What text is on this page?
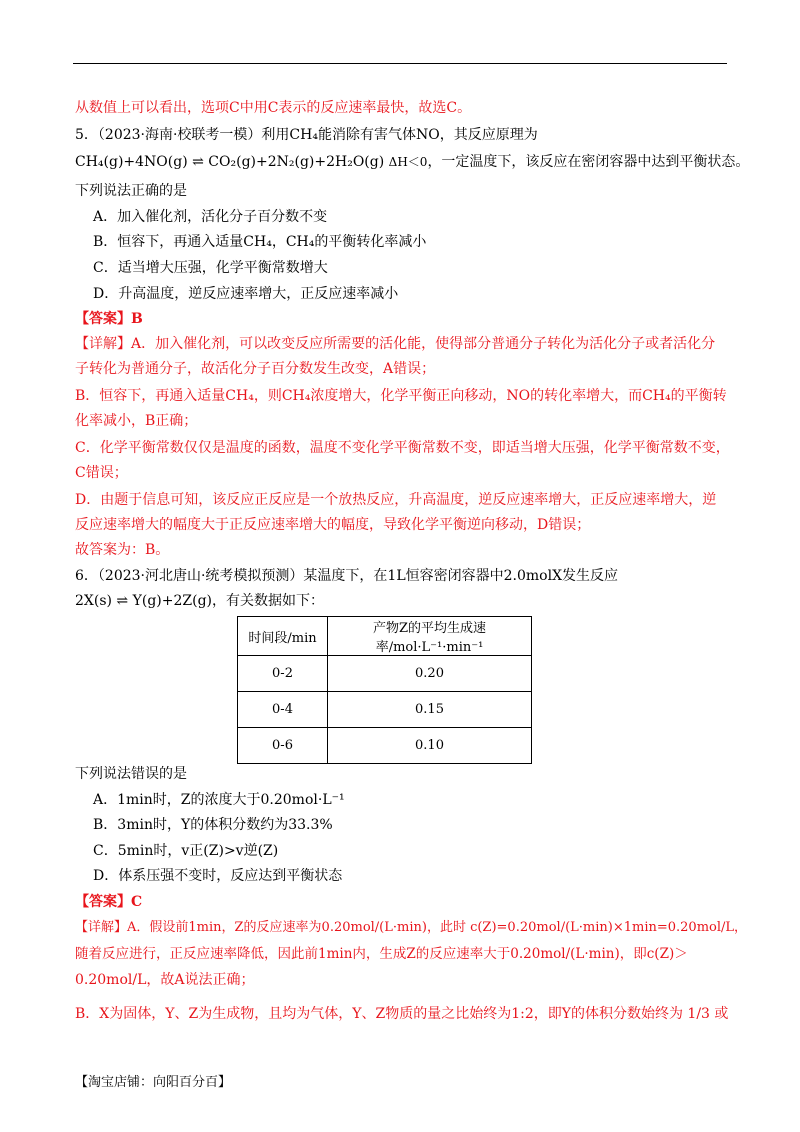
从数值上可以看出，选项C中用C表示的反应速率最快，故选C。
5．（2023·海南·校联考一模）利用CH₄能消除有害气体NO，其反应原理为
CH₄(g)+4NO(g) ⇌ CO₂(g)+2N₂(g)+2H₂O(g) ΔH＜0，一定温度下，该反应在密闭容器中达到平衡状态。
下列说法正确的是
A．加入催化剂，活化分子百分数不变
B．恒容下，再通入适量CH₄，CH₄的平衡转化率减小
C．适当增大压强，化学平衡常数增大
D．升高温度，逆反应速率增大，正反应速率减小
【答案】B
【详解】A．加入催化剂，可以改变反应所需要的活化能，使得部分普通分子转化为活化分子或者活化分
子转化为普通分子，故活化分子百分数发生改变，A错误；
B．恒容下，再通入适量CH₄，则CH₄浓度增大，化学平衡正向移动，NO的转化率增大，而CH₄的平衡转
化率减小，B正确；
C．化学平衡常数仅仅是温度的函数，温度不变化学平衡常数不变，即适当增大压强，化学平衡常数不变，
C错误；
D．由题于信息可知，该反应正反应是一个放热反应，升高温度，逆反应速率增大，正反应速率增大，逆
反应速率增大的幅度大于正反应速率增大的幅度，导致化学平衡逆向移动，D错误；
故答案为：B。
6．（2023·河北唐山·统考模拟预测）某温度下，在1L恒容密闭容器中2.0molX发生反应
2X(s) ⇌ Y(g)+2Z(g)，有关数据如下：
时间段/min	产物Z的平均生成速率/mol·L⁻¹·min⁻¹
0-2	0.20
0-4	0.15
0-6	0.10
下列说法错误的是
A．1min时，Z的浓度大于0.20mol·L⁻¹
B．3min时，Y的体积分数约为33.3%
C．5min时，v正(Z)>v逆(Z)
D．体系压强不变时，反应达到平衡状态
【答案】C
【详解】A．假设前1min，Z的反应速率为0.20mol/(L·min)，此时 c(Z)=0.20mol/(L·min)×1min=0.20mol/L，
随着反应进行，正反应速率降低，因此前1min内，生成Z的反应速率大于0.20mol/(L·min)，即c(Z)＞
0.20mol/L，故A说法正确；
B．X为固体，Y、Z为生成物，且均为气体，Y、Z物质的量之比始终为1:2，即Y的体积分数始终为 1/3 或
【淘宝店铺：向阳百分百】
